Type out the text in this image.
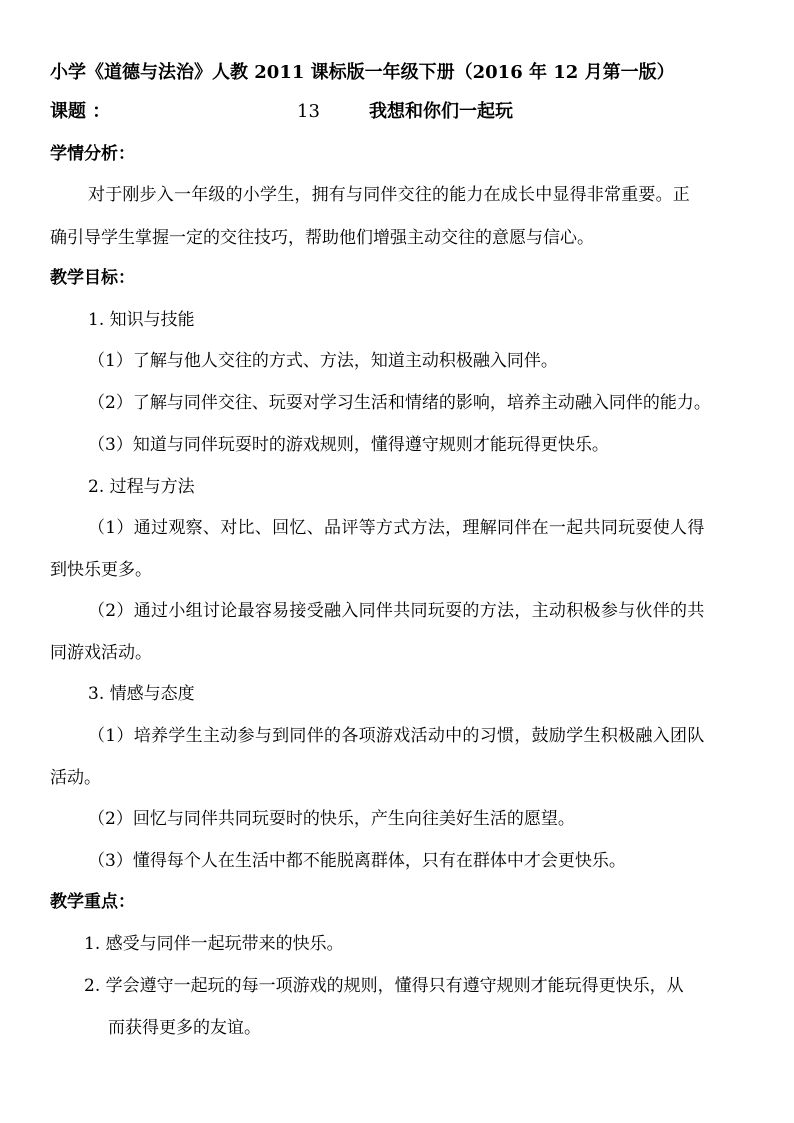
小学《道德与法治》人教 2011 课标版一年级下册（2016 年 12 月第一版）
课题 ：	13	我想和你们一起玩
学情分析：
对于刚步入一年级的小学生，拥有与同伴交往的能力在成长中显得非常重要。正
确引导学生掌握一定的交往技巧，帮助他们增强主动交往的意愿与信心。
教学目标：
1. 知识与技能
（1）了解与他人交往的方式、方法，知道主动积极融入同伴。
（2）了解与同伴交往、玩耍对学习生活和情绪的影响，培养主动融入同伴的能力。
（3）知道与同伴玩耍时的游戏规则，懂得遵守规则才能玩得更快乐。
2. 过程与方法
（1）通过观察、对比、回忆、品评等方式方法，理解同伴在一起共同玩耍使人得
到快乐更多。
（2）通过小组讨论最容易接受融入同伴共同玩耍的方法，主动积极参与伙伴的共
同游戏活动。
3. 情感与态度
（1）培养学生主动参与到同伴的各项游戏活动中的习惯，鼓励学生积极融入团队
活动。
（2）回忆与同伴共同玩耍时的快乐，产生向往美好生活的愿望。
（3）懂得每个人在生活中都不能脱离群体，只有在群体中才会更快乐。
教学重点：
1. 感受与同伴一起玩带来的快乐。
2. 学会遵守一起玩的每一项游戏的规则，懂得只有遵守规则才能玩得更快乐，从
而获得更多的友谊。
